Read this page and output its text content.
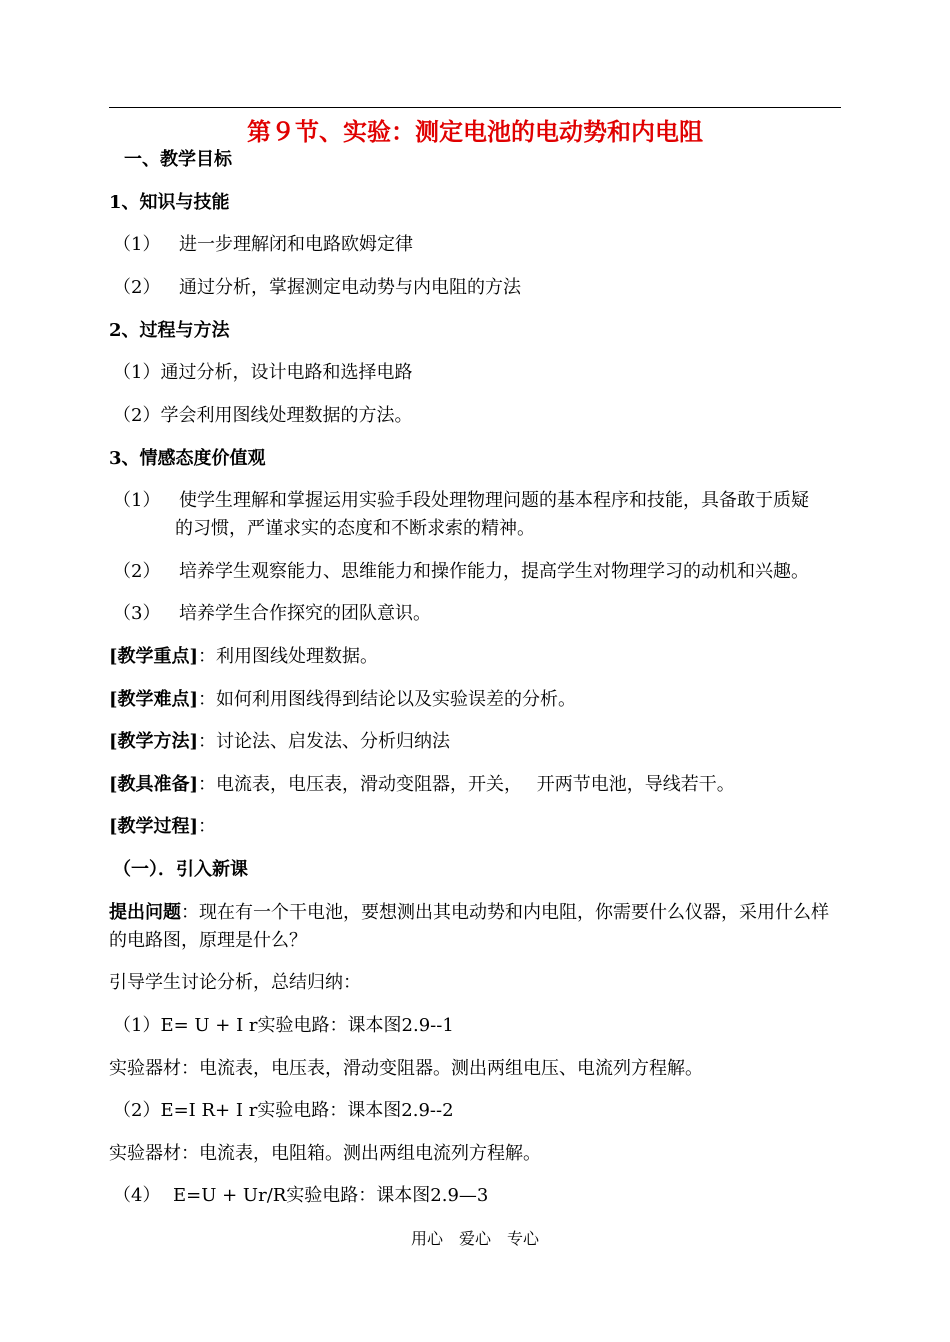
第９节、实验：测定电池的电动势和内电阻
一、教学目标
1、知识与技能
（1） 进一步理解闭和电路欧姆定律
（2） 通过分析，掌握测定电动势与内电阻的方法
2、过程与方法
（1）通过分析，设计电路和选择电路
（2）学会利用图线处理数据的方法。
3、情感态度价值观
（1） 使学生理解和掌握运用实验手段处理物理问题的基本程序和技能，具备敢于质疑
的习惯，严谨求实的态度和不断求索的精神。
（2） 培养学生观察能力、思维能力和操作能力，提高学生对物理学习的动机和兴趣。
（3） 培养学生合作探究的团队意识。
[教学重点]：利用图线处理数据。
[教学难点]：如何利用图线得到结论以及实验误差的分析。
[教学方法]：讨论法、启发法、分析归纳法
[教具准备]：电流表，电压表，滑动变阻器，开关，　 开两节电池，导线若干。
[教学过程]：
（一）．引入新课
提出问题：现在有一个干电池，要想测出其电动势和内电阻，你需要什么仪器，采用什么样
的电路图，原理是什么？
引导学生讨论分析，总结归纳：
（1）E= U + I r实验电路：课本图2.9--1
实验器材：电流表，电压表，滑动变阻器。测出两组电压、电流列方程解。
（2）E=I R+ I r实验电路：课本图2.9--2
实验器材：电流表，电阻箱。测出两组电流列方程解。
（4） E=U + Ur/R实验电路：课本图2.9—3
用心　爱心　专心
